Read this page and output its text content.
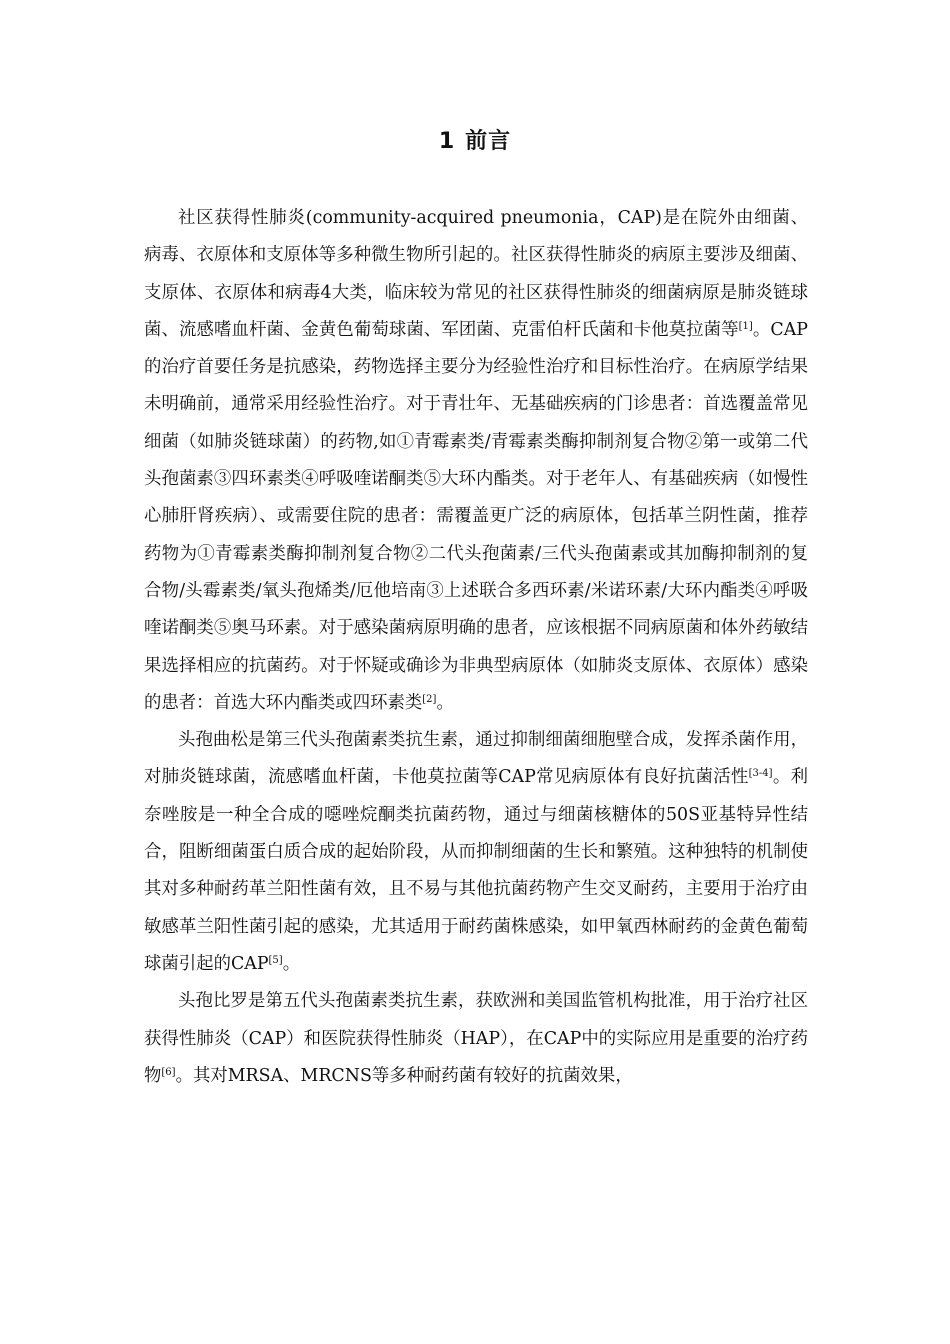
1 前言

社区获得性肺炎(community-acquired pneumonia，CAP)是在院外由细菌、病毒、衣原体和支原体等多种微生物所引起的。社区获得性肺炎的病原主要涉及细菌、支原体、衣原体和病毒4大类，临床较为常见的社区获得性肺炎的细菌病原是肺炎链球菌、流感嗜血杆菌、金黄色葡萄球菌、军团菌、克雷伯杆氏菌和卡他莫拉菌等[1]。CAP的治疗首要任务是抗感染，药物选择主要分为经验性治疗和目标性治疗。在病原学结果未明确前，通常采用经验性治疗。对于青壮年、无基础疾病的门诊患者：首选覆盖常见细菌（如肺炎链球菌）的药物,如①青霉素类/青霉素类酶抑制剂复合物②第一或第二代头孢菌素③四环素类④呼吸喹诺酮类⑤大环内酯类。对于老年人、有基础疾病（如慢性心肺肝肾疾病）、或需要住院的患者：需覆盖更广泛的病原体，包括革兰阴性菌，推荐药物为①青霉素类酶抑制剂复合物②二代头孢菌素/三代头孢菌素或其加酶抑制剂的复合物/头霉素类/氧头孢烯类/厄他培南③上述联合多西环素/米诺环素/大环内酯类④呼吸喹诺酮类⑤奥马环素。对于感染菌病原明确的患者，应该根据不同病原菌和体外药敏结果选择相应的抗菌药。对于怀疑或确诊为非典型病原体（如肺炎支原体、衣原体）感染的患者：首选大环内酯类或四环素类[2]。

头孢曲松是第三代头孢菌素类抗生素，通过抑制细菌细胞壁合成，发挥杀菌作用，对肺炎链球菌，流感嗜血杆菌，卡他莫拉菌等CAP常见病原体有良好抗菌活性[3-4]。利奈唑胺是一种全合成的噁唑烷酮类抗菌药物，通过与细菌核糖体的50S亚基特异性结合，阻断细菌蛋白质合成的起始阶段，从而抑制细菌的生长和繁殖。这种独特的机制使其对多种耐药革兰阳性菌有效，且不易与其他抗菌药物产生交叉耐药，主要用于治疗由敏感革兰阳性菌引起的感染，尤其适用于耐药菌株感染，如甲氧西林耐药的金黄色葡萄球菌引起的CAP[5]。

头孢比罗是第五代头孢菌素类抗生素，获欧洲和美国监管机构批准，用于治疗社区获得性肺炎（CAP）和医院获得性肺炎（HAP），在CAP中的实际应用是重要的治疗药物[6]。其对MRSA、MRCNS等多种耐药菌有较好的抗菌效果，
